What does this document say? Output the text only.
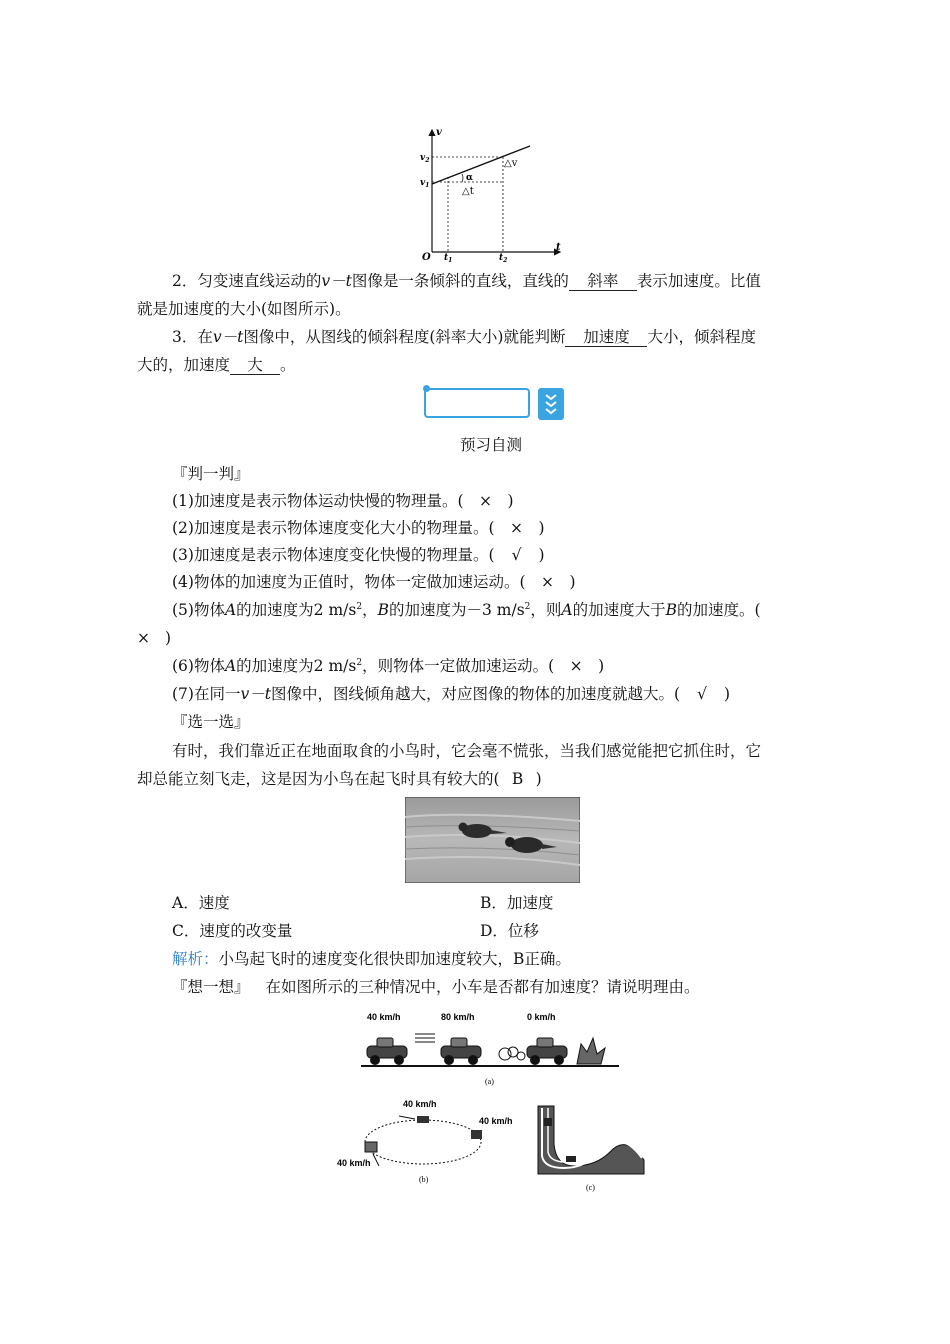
v
t
O
$v_2$
$v_1$
$t_1$	$t_2$
△v
△t
α
2．匀变速直线运动的v－t图像是一条倾斜的直线，直线的 斜率 表示加速度。比值
就是加速度的大小(如图所示)。
3．在v－t图像中，从图线的倾斜程度(斜率大小)就能判断 加速度 大小，倾斜程度
大的，加速度 大 。
预习自测
『判一判』
(1)加速度是表示物体运动快慢的物理量。( × )
(2)加速度是表示物体速度变化大小的物理量。( × )
(3)加速度是表示物体速度变化快慢的物理量。( √ )
(4)物体的加速度为正值时，物体一定做加速运动。( × )
(5)物体A的加速度为2 $m/s^2$，B的加速度为－3 $m/s^2$，则A的加速度大于B的加速度。(
× )
(6)物体A的加速度为2 $m/s^2$，则物体一定做加速运动。( × )
(7)在同一v－t图像中，图线倾角越大，对应图像的物体的加速度就越大。( √ )
『选一选』
有时，我们靠近正在地面取食的小鸟时，它会毫不慌张，当我们感觉能把它抓住时，它
却总能立刻飞走，这是因为小鸟在起飞时具有较大的( B )
A．速度	B．加速度
C．速度的改变量	D．位移
解析：小鸟起飞时的速度变化很快即加速度较大，B正确。
『想一想』 在如图所示的三种情况中，小车是否都有加速度？请说明理由。
40 km/h	80 km/h	0 km/h
(a)
40 km/h
40 km/h
40 km/h
(b)
(c)
